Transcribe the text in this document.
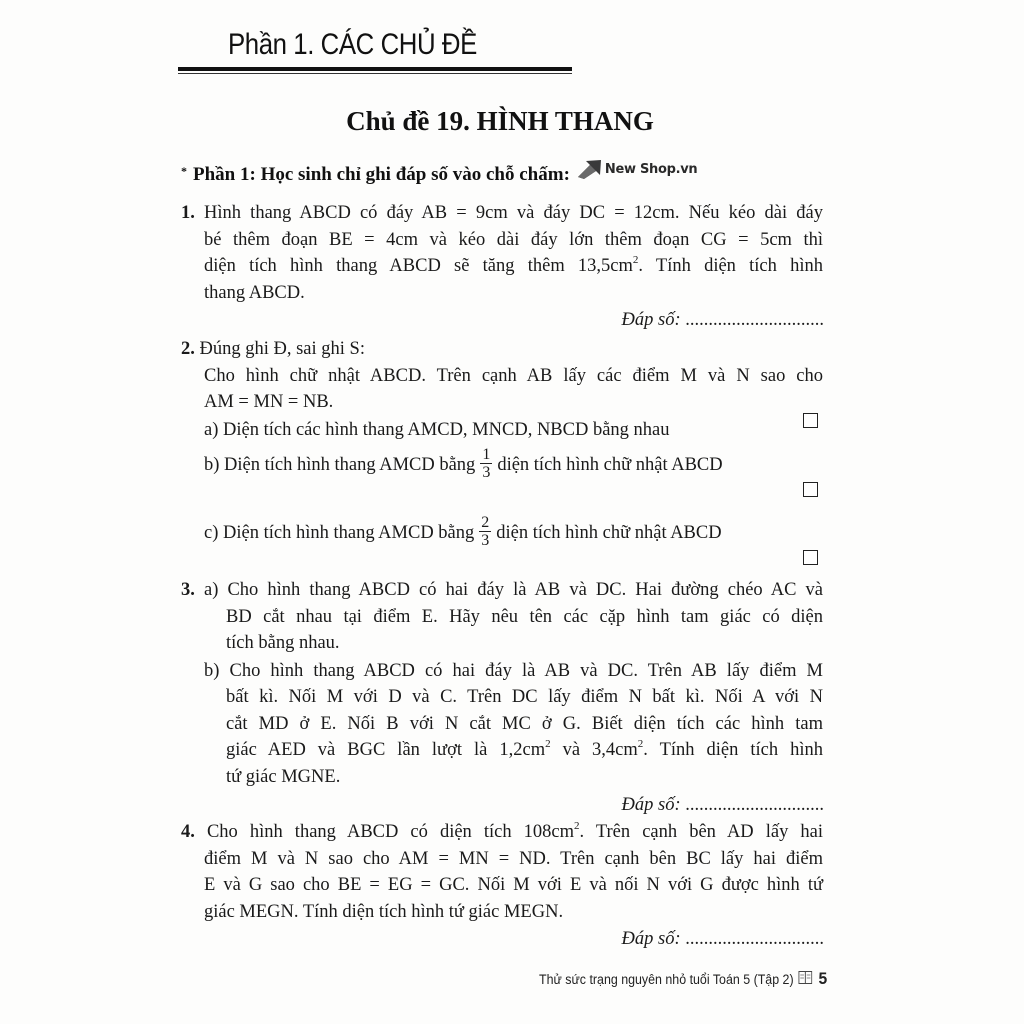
Phần 1. CÁC CHỦ ĐỀ
Chủ đề 19. HÌNH THANG
* Phần 1: Học sinh chỉ ghi đáp số vào chỗ chấm:	New Shop.vn
1. Hình thang ABCD có đáy AB = 9cm và đáy DC = 12cm. Nếu kéo dài đáy
bé thêm đoạn BE = 4cm và kéo dài đáy lớn thêm đoạn CG = 5cm thì
diện tích hình thang ABCD sẽ tăng thêm $13,5cm^2$. Tính diện tích hình
thang ABCD.
Đáp số: ..............................
2. Đúng ghi Đ, sai ghi S:
Cho hình chữ nhật ABCD. Trên cạnh AB lấy các điểm M và N sao cho
AM = MN = NB.
a) Diện tích các hình thang AMCD, MNCD, NBCD bằng nhau
b) Diện tích hình thang AMCD bằng $\frac{1}{3}$ diện tích hình chữ nhật ABCD
c) Diện tích hình thang AMCD bằng $\frac{2}{3}$ diện tích hình chữ nhật ABCD
3. a) Cho hình thang ABCD có hai đáy là AB và DC. Hai đường chéo AC và
BD cắt nhau tại điểm E. Hãy nêu tên các cặp hình tam giác có diện
tích bằng nhau.
b) Cho hình thang ABCD có hai đáy là AB và DC. Trên AB lấy điểm M
bất kì. Nối M với D và C. Trên DC lấy điểm N bất kì. Nối A với N
cắt MD ở E. Nối B với N cắt MC ở G. Biết diện tích các hình tam
giác AED và BGC lần lượt là $1,2cm^2$ và $3,4cm^2$. Tính diện tích hình
tứ giác MGNE.
Đáp số: ..............................
4. Cho hình thang ABCD có diện tích $108cm^2$. Trên cạnh bên AD lấy hai
điểm M và N sao cho AM = MN = ND. Trên cạnh bên BC lấy hai điểm
E và G sao cho BE = EG = GC. Nối M với E và nối N với G được hình tứ
giác MEGN. Tính diện tích hình tứ giác MEGN.
Đáp số: ..............................
Thử sức trạng nguyên nhỏ tuổi Toán 5 (Tập 2) 5
